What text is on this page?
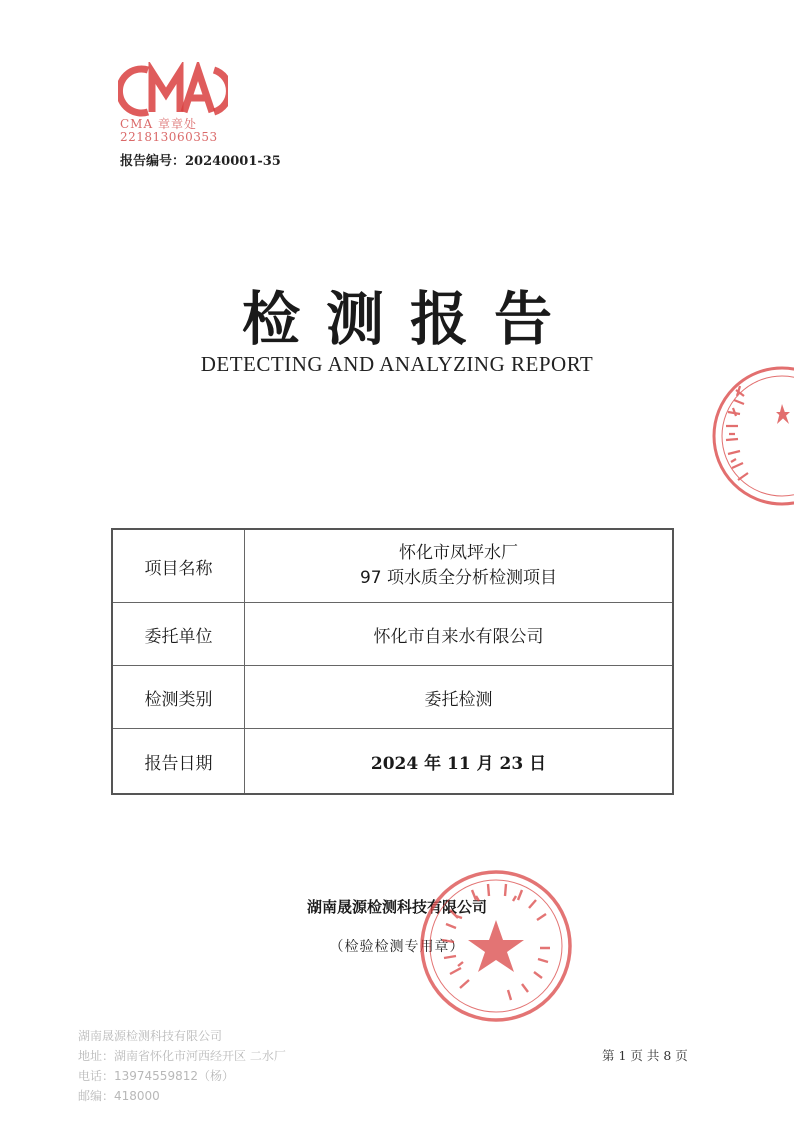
CMA 章章处
221813060353
报告编号：20240001-35
检测报告
DETECTING AND ANALYZING REPORT
项目名称	怀化市凤坪水厂
97 项水质全分析检测项目

委托单位	怀化市自来水有限公司
检测类别	委托检测
报告日期	2024 年 11 月 23 日
湖南晟源检测科技有限公司
（检验检测专用章）
湖南晟源检测科技有限公司
地址：湖南省怀化市河西经开区 二水厂
电话：13974559812（杨）
邮编：418000
第 1 页 共 8 页
